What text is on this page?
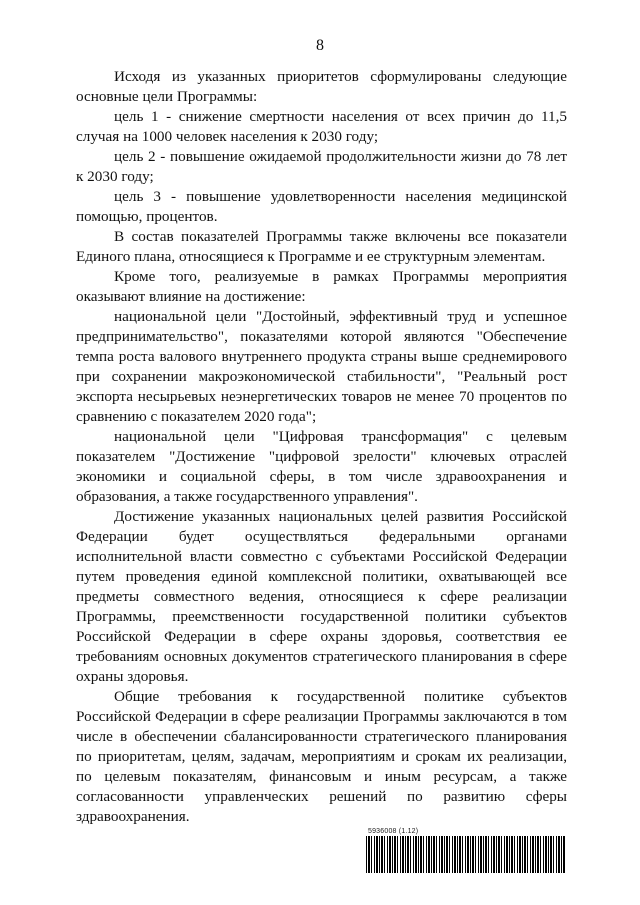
8

Исходя из указанных приоритетов сформулированы следующие основные цели Программы:

цель 1 - снижение смертности населения от всех причин до 11,5 случая на 1000 человек населения к 2030 году;

цель 2 - повышение ожидаемой продолжительности жизни до 78 лет к 2030 году;

цель 3 - повышение удовлетворенности населения медицинской помощью, процентов.

В состав показателей Программы также включены все показатели Единого плана, относящиеся к Программе и ее структурным элементам.

Кроме того, реализуемые в рамках Программы мероприятия оказывают влияние на достижение:

национальной цели "Достойный, эффективный труд и успешное предпринимательство", показателями которой являются "Обеспечение темпа роста валового внутреннего продукта страны выше среднемирового при сохранении макроэкономической стабильности", "Реальный рост экспорта несырьевых неэнергетических товаров не менее 70 процентов по сравнению с показателем 2020 года";

национальной цели "Цифровая трансформация" с целевым показателем "Достижение "цифровой зрелости" ключевых отраслей экономики и социальной сферы, в том числе здравоохранения и образования, а также государственного управления".

Достижение указанных национальных целей развития Российской Федерации будет осуществляться федеральными органами исполнительной власти совместно с субъектами Российской Федерации путем проведения единой комплексной политики, охватывающей все предметы совместного ведения, относящиеся к сфере реализации Программы, преемственности государственной политики субъектов Российской Федерации в сфере охраны здоровья, соответствия ее требованиям основных документов стратегического планирования в сфере охраны здоровья.

Общие требования к государственной политике субъектов Российской Федерации в сфере реализации Программы заключаются в том числе в обеспечении сбалансированности стратегического планирования по приоритетам, целям, задачам, мероприятиям и срокам их реализации, по целевым показателям, финансовым и иным ресурсам, а также согласованности управленческих решений по развитию сферы здравоохранения.

5936008 (1.12)
